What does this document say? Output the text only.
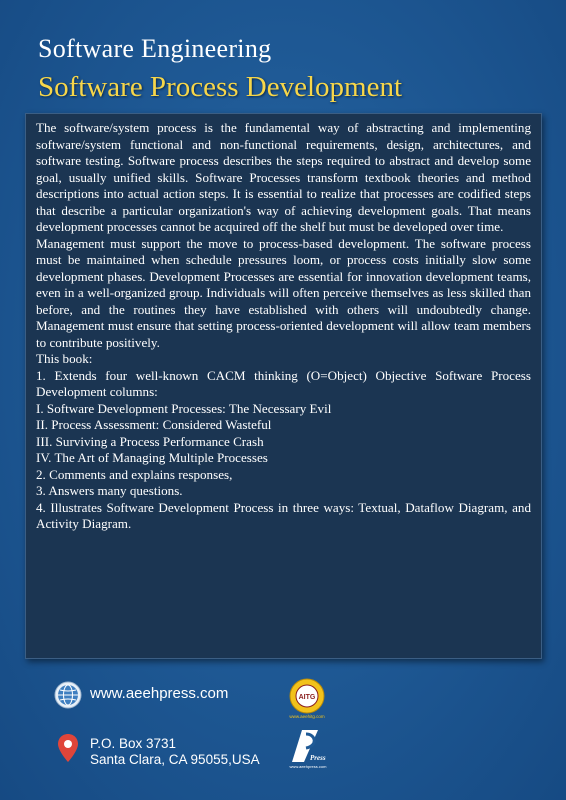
Software Engineering
Software Process Development

The software/system process is the fundamental way of abstracting and implementing software/system functional and non-functional requirements, design, architectures, and software testing. Software process describes the steps required to abstract and develop some goal, usually unified skills. Software Processes transform textbook theories and method descriptions into actual action steps. It is essential to realize that processes are codified steps that describe a particular organization's way of achieving development goals. That means development processes cannot be acquired off the shelf but must be developed over time.

Management must support the move to process-based development. The software process must be maintained when schedule pressures loom, or process costs initially slow some development phases. Development Processes are essential for innovation development teams, even in a well-organized group. Individuals will often perceive themselves as less skilled than before, and the routines they have established with others will undoubtedly change. Management must ensure that setting process-oriented development will allow team members to contribute positively.

This book:

1. Extends four well-known CACM thinking (O=Object) Objective Software Process Development columns:

I. Software Development Processes: The Necessary Evil
II. Process Assessment: Considered Wasteful
III. Surviving a Process Performance Crash
IV. The Art of Managing Multiple Processes
2. Comments and explains responses,
3. Answers many questions.

4. Illustrates Software Development Process in three ways: Textual, Dataflow Diagram, and Activity Diagram.

www.aeehpress.com
P.O. Box 3731
Santa Clara, CA 95055,USA
AITG
www.aeehitg.com
Press
www.aeehpress.com
